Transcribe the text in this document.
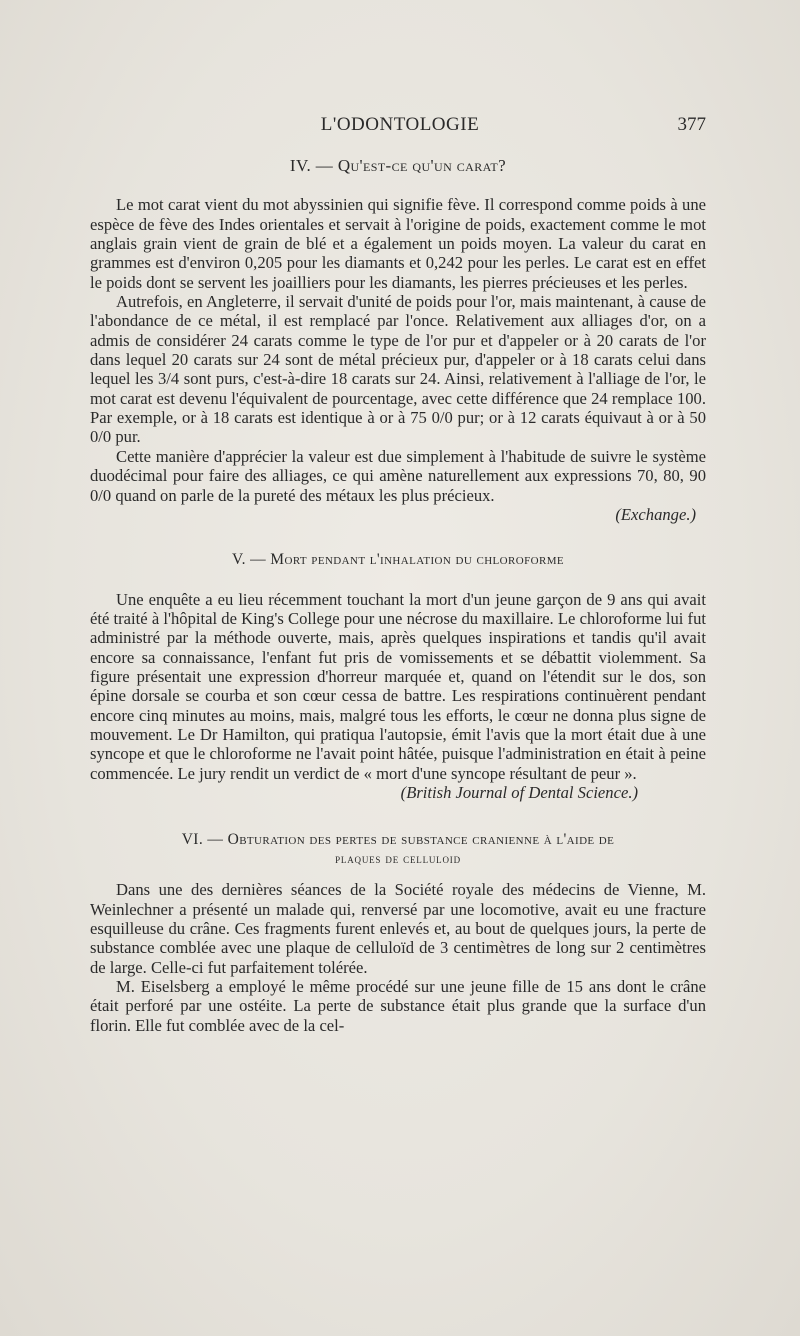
L'ODONTOLOGIE	377
IV. — Qu'est-ce qu'un carat?

Le mot carat vient du mot abyssinien qui signifie fève. Il correspond comme poids à une espèce de fève des Indes orientales et servait à l'origine de poids, exactement comme le mot anglais grain vient de grain de blé et a également un poids moyen. La valeur du carat en grammes est d'environ 0,205 pour les diamants et 0,242 pour les perles. Le carat est en effet le poids dont se servent les joailliers pour les diamants, les pierres précieuses et les perles.

Autrefois, en Angleterre, il servait d'unité de poids pour l'or, mais maintenant, à cause de l'abondance de ce métal, il est remplacé par l'once. Relativement aux alliages d'or, on a admis de considérer 24 carats comme le type de l'or pur et d'appeler or à 20 carats de l'or dans lequel 20 carats sur 24 sont de métal précieux pur, d'appeler or à 18 carats celui dans lequel les 3/4 sont purs, c'est-à-dire 18 carats sur 24. Ainsi, relativement à l'alliage de l'or, le mot carat est devenu l'équivalent de pourcentage, avec cette différence que 24 remplace 100. Par exemple, or à 18 carats est identique à or à 75 0/0 pur; or à 12 carats équivaut à or à 50 0/0 pur.

Cette manière d'apprécier la valeur est due simplement à l'habitude de suivre le système duodécimal pour faire des alliages, ce qui amène naturellement aux expressions 70, 80, 90 0/0 quand on parle de la pureté des métaux les plus précieux.

(Exchange.)
V. — Mort pendant l'inhalation du chloroforme

Une enquête a eu lieu récemment touchant la mort d'un jeune garçon de 9 ans qui avait été traité à l'hôpital de King's College pour une nécrose du maxillaire. Le chloroforme lui fut administré par la méthode ouverte, mais, après quelques inspirations et tandis qu'il avait encore sa connaissance, l'enfant fut pris de vomissements et se débattit violemment. Sa figure présentait une expression d'horreur marquée et, quand on l'étendit sur le dos, son épine dorsale se courba et son cœur cessa de battre. Les respirations continuèrent pendant encore cinq minutes au moins, mais, malgré tous les efforts, le cœur ne donna plus signe de mouvement. Le Dr Hamilton, qui pratiqua l'autopsie, émit l'avis que la mort était due à une syncope et que le chloroforme ne l'avait point hâtée, puisque l'administration en était à peine commencée. Le jury rendit un verdict de « mort d'une syncope résultant de peur ».

(British Journal of Dental Science.)
VI. — Obturation des pertes de substance cranienne à l'aide de
plaques de celluloid

Dans une des dernières séances de la Société royale des médecins de Vienne, M. Weinlechner a présenté un malade qui, renversé par une locomotive, avait eu une fracture esquilleuse du crâne. Ces fragments furent enlevés et, au bout de quelques jours, la perte de substance comblée avec une plaque de celluloïd de 3 centimètres de long sur 2 centimètres de large. Celle-ci fut parfaitement tolérée.

M. Eiselsberg a employé le même procédé sur une jeune fille de 15 ans dont le crâne était perforé par une ostéite. La perte de substance était plus grande que la surface d'un florin. Elle fut comblée avec de la cel-
